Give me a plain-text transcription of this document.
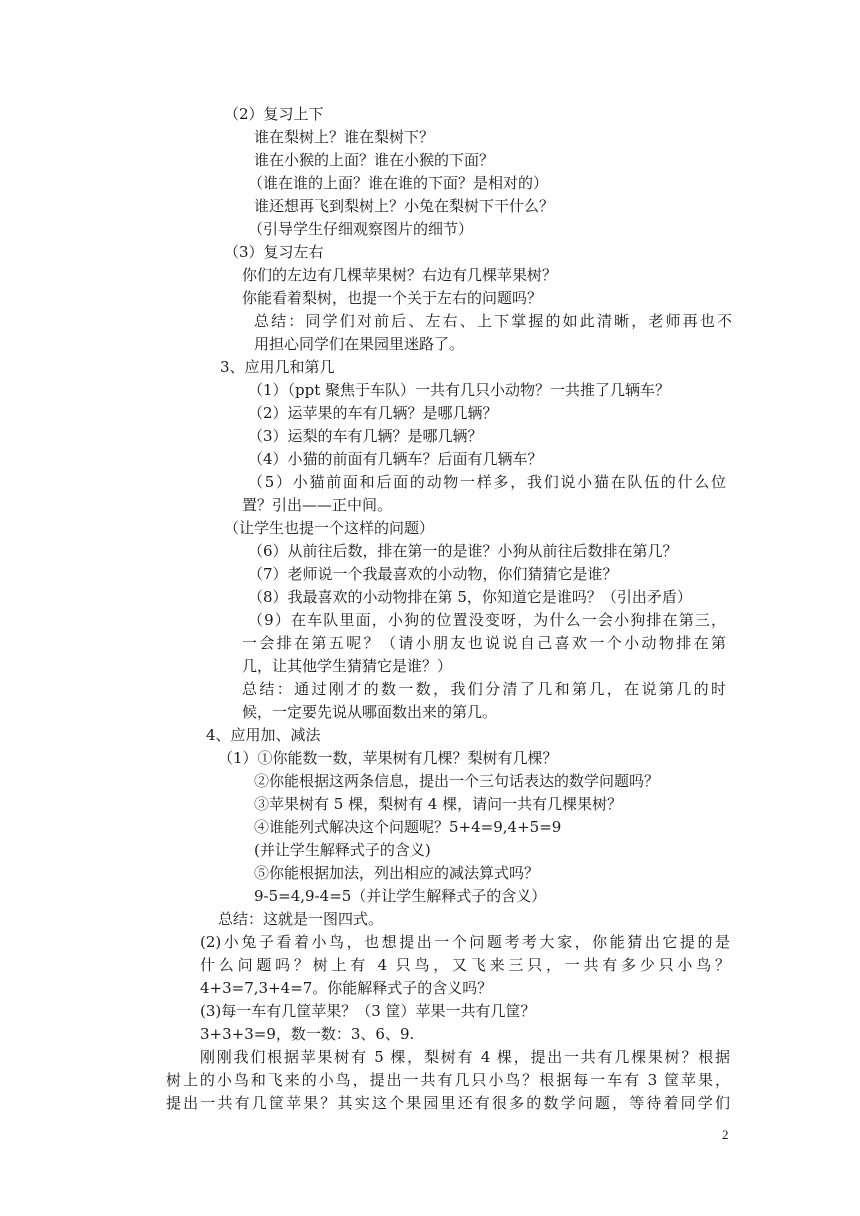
（2）复习上下
谁在梨树上？谁在梨树下？
谁在小猴的上面？谁在小猴的下面？
（谁在谁的上面？谁在谁的下面？是相对的）
谁还想再飞到梨树上？小兔在梨树下干什么？
（引导学生仔细观察图片的细节）
（3）复习左右
你们的左边有几棵苹果树？右边有几棵苹果树？
你能看着梨树，也提一个关于左右的问题吗？
总结：同学们对前后、左右、上下掌握的如此清晰，老师再也不
用担心同学们在果园里迷路了。
3、应用几和第几
（1）（ppt 聚焦于车队）一共有几只小动物？一共推了几辆车？
（2）运苹果的车有几辆？是哪几辆？
（3）运梨的车有几辆？是哪几辆？
（4）小猫的前面有几辆车？后面有几辆车？
（5）小猫前面和后面的动物一样多，我们说小猫在队伍的什么位
置？引出——正中间。
（让学生也提一个这样的问题）
（6）从前往后数，排在第一的是谁？小狗从前往后数排在第几？
（7）老师说一个我最喜欢的小动物，你们猜猜它是谁？
（8）我最喜欢的小动物排在第 5，你知道它是谁吗？（引出矛盾）
（9）在车队里面，小狗的位置没变呀，为什么一会小狗排在第三，
一会排在第五呢？（请小朋友也说说自己喜欢一个小动物排在第
几，让其他学生猜猜它是谁？）
总结：通过刚才的数一数，我们分清了几和第几，在说第几的时
候，一定要先说从哪面数出来的第几。
4、应用加、减法
（1）①你能数一数，苹果树有几棵？梨树有几棵？
②你能根据这两条信息，提出一个三句话表达的数学问题吗？
③苹果树有 5 棵，梨树有 4 棵，请问一共有几棵果树？
④谁能列式解决这个问题呢？5+4=9,4+5=9
(并让学生解释式子的含义)
⑤你能根据加法，列出相应的减法算式吗？
9-5=4,9-4=5（并让学生解释式子的含义）
总结：这就是一图四式。
(2)小兔子看着小鸟，也想提出一个问题考考大家，你能猜出它提的是
什么问题吗？树上有 4 只鸟，又飞来三只，一共有多少只小鸟？
4+3=7,3+4=7。你能解释式子的含义吗？
(3)每一车有几筐苹果？（3 筐）苹果一共有几筐？
3+3+3=9，数一数：3、6、9.
刚刚我们根据苹果树有 5 棵，梨树有 4 棵，提出一共有几棵果树？根据
树上的小鸟和飞来的小鸟，提出一共有几只小鸟？根据每一车有 3 筐苹果，
提出一共有几筐苹果？其实这个果园里还有很多的数学问题，等待着同学们
2
